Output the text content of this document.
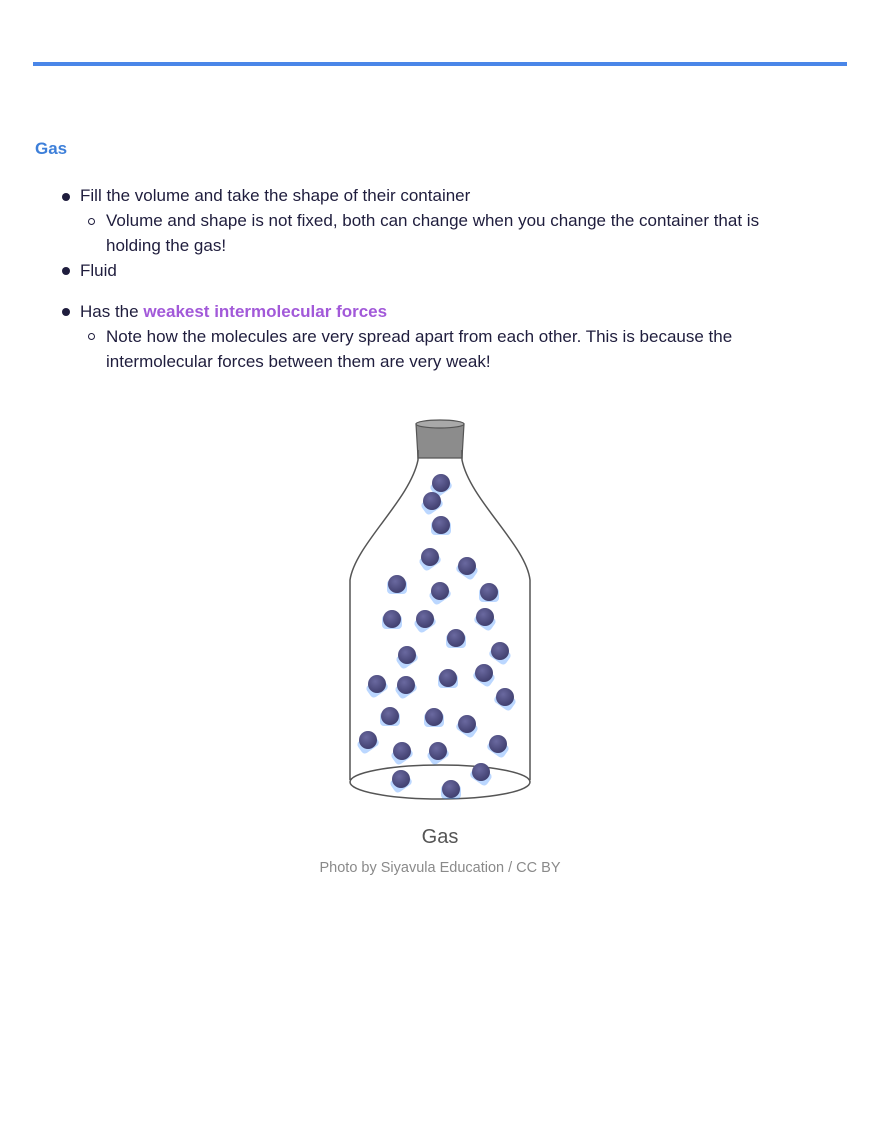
Gas
Fill the volume and take the shape of their container
Volume and shape is not fixed, both can change when you change the container that is
holding the gas!
Fluid
Has the weakest intermolecular forces
Note how the molecules are very spread apart from each other. This is because the
intermolecular forces between them are very weak!
Gas
Photo by Siyavula Education / CC BY
